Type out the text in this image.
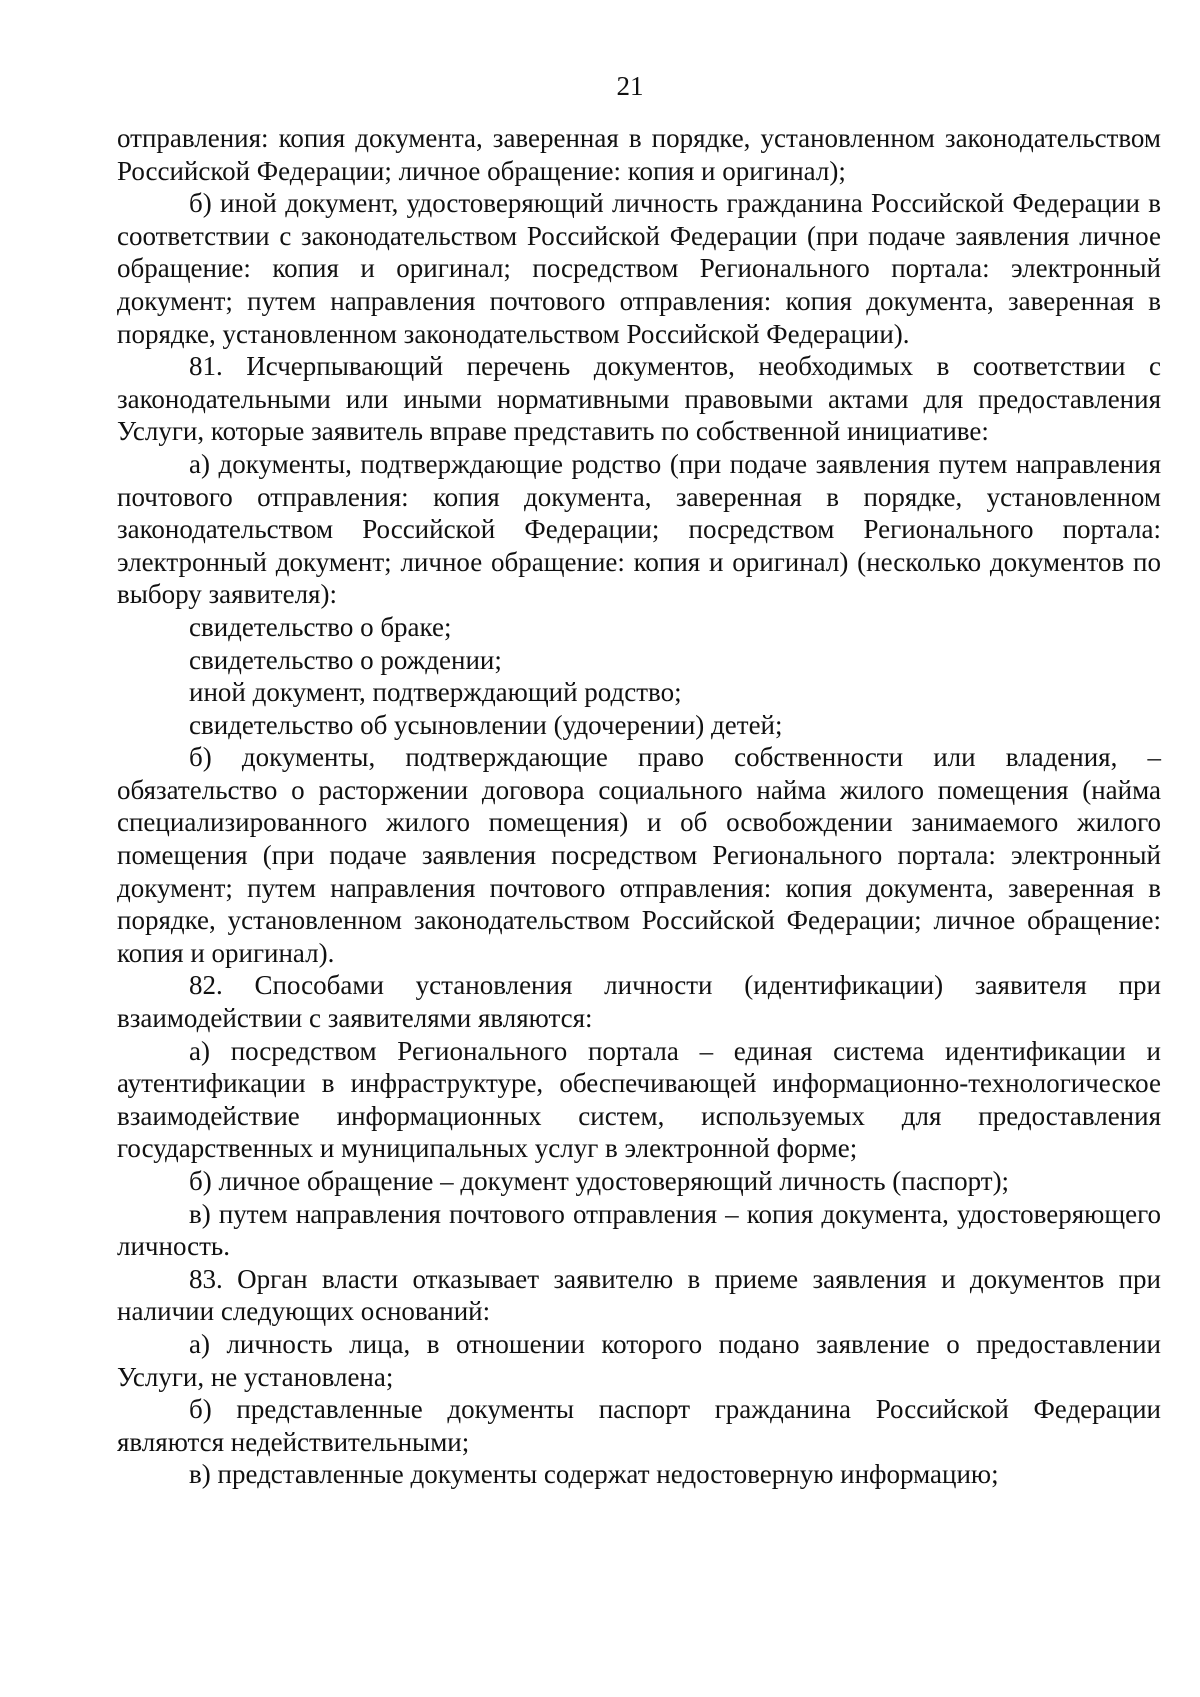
21

отправления: копия документа, заверенная в порядке, установленном законодательством Российской Федерации; личное обращение: копия и оригинал);

б) иной документ, удостоверяющий личность гражданина Российской Федерации в соответствии с законодательством Российской Федерации (при подаче заявления личное обращение: копия и оригинал; посредством Регионального портала: электронный документ; путем направления почтового отправления: копия документа, заверенная в порядке, установленном законодательством Российской Федерации).

81. Исчерпывающий перечень документов, необходимых в соответствии с законодательными или иными нормативными правовыми актами для предоставления Услуги, которые заявитель вправе представить по собственной инициативе:

а) документы, подтверждающие родство (при подаче заявления путем направления почтового отправления: копия документа, заверенная в порядке, установленном законодательством Российской Федерации; посредством Регионального портала: электронный документ; личное обращение: копия и оригинал) (несколько документов по выбору заявителя):

свидетельство о браке;

свидетельство о рождении;

иной документ, подтверждающий родство;

свидетельство об усыновлении (удочерении) детей;

б) документы, подтверждающие право собственности или владения, – обязательство о расторжении договора социального найма жилого помещения (найма специализированного жилого помещения) и об освобождении занимаемого жилого помещения (при подаче заявления посредством Регионального портала: электронный документ; путем направления почтового отправления: копия документа, заверенная в порядке, установленном законодательством Российской Федерации; личное обращение: копия и оригинал).

82. Способами установления личности (идентификации) заявителя при взаимодействии с заявителями являются:

а) посредством Регионального портала – единая система идентификации и аутентификации в инфраструктуре, обеспечивающей информационно-технологическое взаимодействие информационных систем, используемых для предоставления государственных и муниципальных услуг в электронной форме;

б) личное обращение – документ удостоверяющий личность (паспорт);

в) путем направления почтового отправления – копия документа, удостоверяющего личность.

83. Орган власти отказывает заявителю в приеме заявления и документов при наличии следующих оснований:

а) личность лица, в отношении которого подано заявление о предоставлении Услуги, не установлена;

б) представленные документы паспорт гражданина Российской Федерации являются недействительными;

в) представленные документы содержат недостоверную информацию;
